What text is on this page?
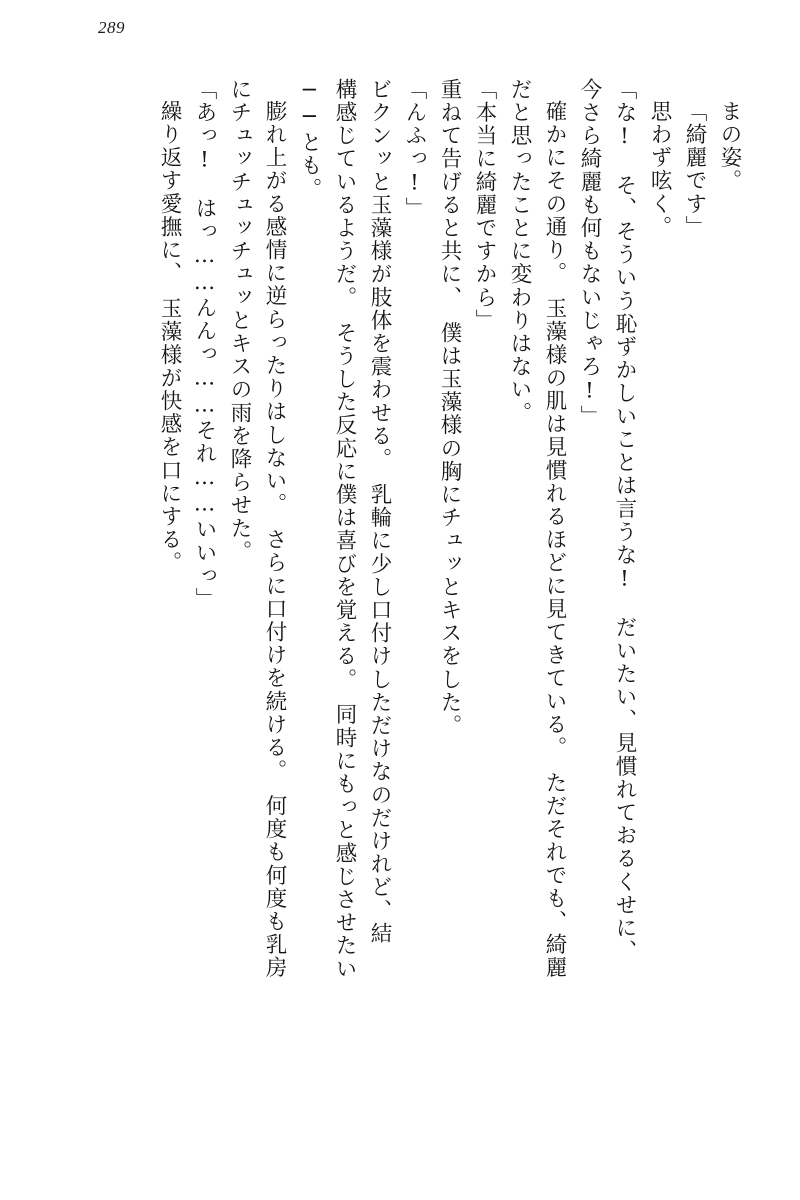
289
まの姿。
「綺麗です」
思わず呟く。
「な!　そ、そういう恥ずかしいことは言うな!　だいたい、見慣れておるくせに、
今さら綺麗も何もないじゃろ!」
確かにその通り。　玉藻様の肌は見慣れるほどに見てきている。　ただそれでも、綺麗
だと思ったことに変わりはない。
「本当に綺麗ですから」
重ねて告げると共に、　僕は玉藻様の胸にチュッとキスをした。
「んふっ!」
ビクンッと玉藻様が肢体を震わせる。　乳輪に少し口付けしただけなのだけれど、結
構感じているようだ。　そうした反応に僕は喜びを覚える。　同時にもっと感じさせたい
──とも。
膨れ上がる感情に逆らったりはしない。　さらに口付けを続ける。　何度も何度も乳房
にチュッチュッチュッとキスの雨を降らせた。
「あっ!　はっ……んんっ……それ……いいっ」
繰り返す愛撫に、　玉藻様が快感を口にする。
